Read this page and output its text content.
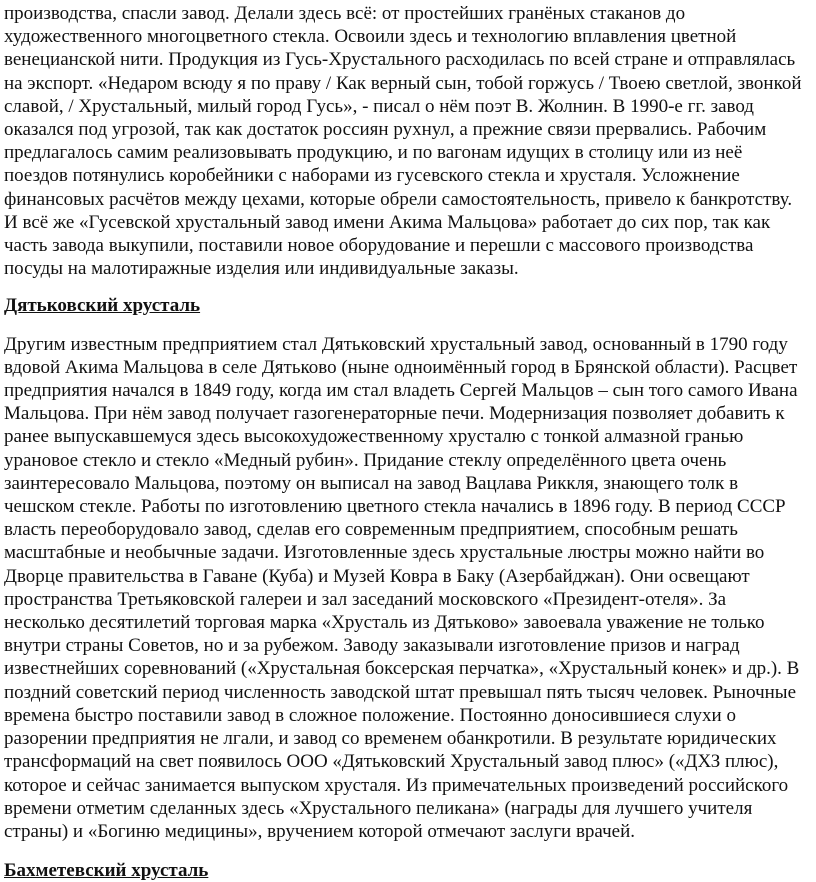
производства, спасли завод. Делали здесь всё: от простейших гранёных стаканов до художественного многоцветного стекла. Освоили здесь и технологию вплавления цветной венецианской нити. Продукция из Гусь-Хрустального расходилась по всей стране и отправлялась на экспорт. «Недаром всюду я по праву / Как верный сын, тобой горжусь / Твоею светлой, звонкой славой, / Хрустальный, милый город Гусь», - писал о нём поэт В. Жолнин. В 1990-е гг. завод оказался под угрозой, так как достаток россиян рухнул, а прежние связи прервались. Рабочим предлагалось самим реализовывать продукцию, и по вагонам идущих в столицу или из неё поездов потянулись коробейники с наборами из гусевского стекла и хрусталя. Усложнение финансовых расчётов между цехами, которые обрели самостоятельность, привело к банкротству. И всё же «Гусевской хрустальный завод имени Акима Мальцова» работает до сих пор, так как часть завода выкупили, поставили новое оборудование и перешли с массового производства посуды на малотиражные изделия или индивидуальные заказы.

Дятьковский хрусталь

Другим известным предприятием стал Дятьковский хрустальный завод, основанный в 1790 году вдовой Акима Мальцова в селе Дятьково (ныне одноимённый город в Брянской области). Расцвет предприятия начался в 1849 году, когда им стал владеть Сергей Мальцов – сын того самого Ивана Мальцова. При нём завод получает газогенераторные печи. Модернизация позволяет добавить к ранее выпускавшемуся здесь высокохудожественному хрусталю с тонкой алмазной гранью урановое стекло и стекло «Медный рубин». Придание стеклу определённого цвета очень заинтересовало Мальцова, поэтому он выписал на завод Вацлава Риккля, знающего толк в чешском стекле. Работы по изготовлению цветного стекла начались в 1896 году. В период СССР власть переоборудовало завод, сделав его современным предприятием, способным решать масштабные и необычные задачи. Изготовленные здесь хрустальные люстры можно найти во Дворце правительства в Гаване (Куба) и Музей Ковра в Баку (Азербайджан). Они освещают пространства Третьяковской галереи и зал заседаний московского «Президент-отеля». За несколько десятилетий торговая марка «Хрусталь из Дятьково» завоевала уважение не только внутри страны Советов, но и за рубежом. Заводу заказывали изготовление призов и наград известнейших соревнований («Хрустальная боксерская перчатка», «Хрустальный конек» и др.). В поздний советский период численность заводской штат превышал пять тысяч человек. Рыночные времена быстро поставили завод в сложное положение. Постоянно доносившиеся слухи о разорении предприятия не лгали, и завод со временем обанкротили. В результате юридических трансформаций на свет появилось ООО «Дятьковский Хрустальный завод плюс» («ДХЗ плюс), которое и сейчас занимается выпуском хрусталя. Из примечательных произведений российского времени отметим сделанных здесь «Хрустального пеликана» (награды для лучшего учителя страны) и «Богиню медицины», вручением которой отмечают заслуги врачей.

Бахметевский хрусталь
